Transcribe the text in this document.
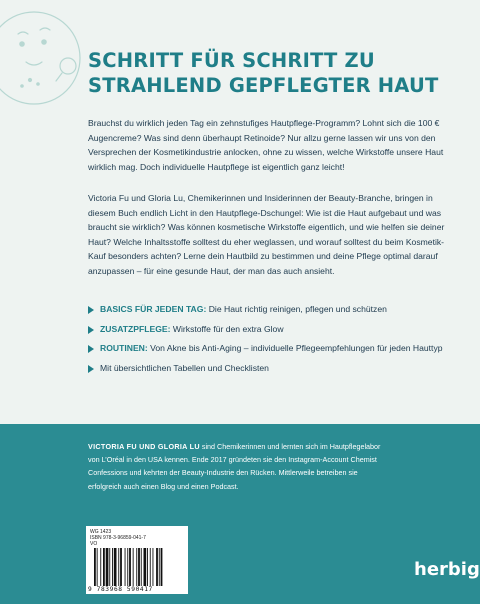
SCHRITT FÜR SCHRITT ZU
STRAHLEND GEPFLEGTER HAUT

Brauchst du wirklich jeden Tag ein zehnstufiges Hautpflege-Programm? Lohnt sich die 100 € Augencreme? Was sind denn überhaupt Retinoide? Nur allzu gerne lassen wir uns von den Versprechen der Kosmetikindustrie anlocken, ohne zu wissen, welche Wirkstoffe unsere Haut wirklich mag. Doch individuelle Hautpflege ist eigentlich ganz leicht!

Victoria Fu und Gloria Lu, Chemikerinnen und Insiderinnen der Beauty-Branche, bringen in diesem Buch endlich Licht in den Hautpflege-Dschungel: Wie ist die Haut aufgebaut und was braucht sie wirklich? Was können kosmetische Wirkstoffe eigentlich, und wie helfen sie deiner Haut? Welche Inhaltsstoffe solltest du eher weglassen, und worauf solltest du beim Kosmetik-Kauf besonders achten? Lerne dein Hautbild zu bestimmen und deine Pflege optimal darauf anzupassen – für eine gesunde Haut, der man das auch ansieht.

BASICS FÜR JEDEN TAG: Die Haut richtig reinigen, pflegen und schützen
ZUSATZPFLEGE: Wirkstoffe für den extra Glow
ROUTINEN: Von Akne bis Anti-Aging – individuelle Pflegeempfehlungen für jeden Hauttyp
Mit übersichtlichen Tabellen und Checklisten

VICTORIA FU UND GLORIA LU sind Chemikerinnen und lernten sich im Hautpflegelabor von L’Oréal in den USA kennen. Ende 2017 gründeten sie den Instagram-Account Chemist Confessions und kehrten der Beauty-Industrie den Rücken. Mittlerweile betreiben sie erfolgreich auch einen Blog und einen Podcast.

WG 1423
ISBN 978-3-96859-041-7
VO
9 783968 590417
herbig
